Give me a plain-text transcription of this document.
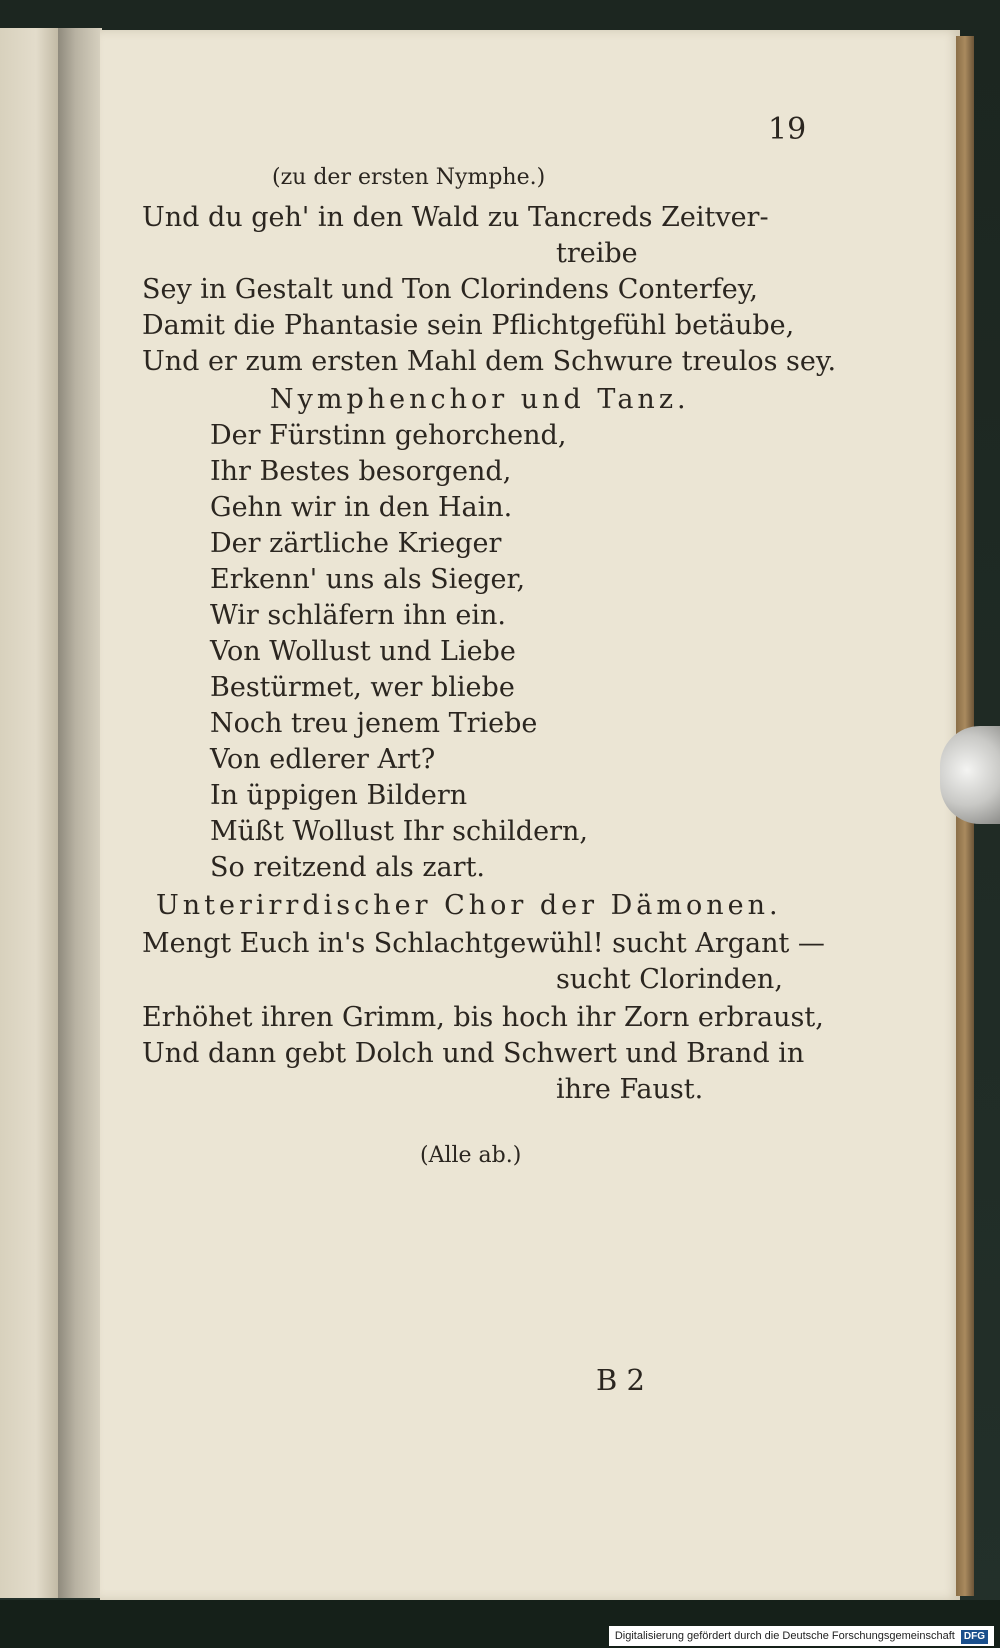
19
(zu der ersten Nymphe.)
Und du geh' in den Wald zu Tancreds Zeitver-
treibe
Sey in Gestalt und Ton Clorindens Conterfey,
Damit die Phantasie sein Pflichtgefühl betäube,
Und er zum ersten Mahl dem Schwure treulos sey.
Nymphenchor und Tanz.
Der Fürstinn gehorchend,
Ihr Bestes besorgend,
Gehn wir in den Hain.
Der zärtliche Krieger
Erkenn' uns als Sieger,
Wir schläfern ihn ein.
Von Wollust und Liebe
Bestürmet, wer bliebe
Noch treu jenem Triebe
Von edlerer Art?
In üppigen Bildern
Müßt Wollust Ihr schildern,
So reitzend als zart.
Unterirrdischer Chor der Dämonen.
Mengt Euch in's Schlachtgewühl! sucht Argant —
sucht Clorinden,
Erhöhet ihren Grimm, bis hoch ihr Zorn erbraust,
Und dann gebt Dolch und Schwert und Brand in
ihre Faust.
(Alle ab.)
B 2
Digitalisierung gefördert durch die Deutsche Forschungsgemeinschaft DFG
